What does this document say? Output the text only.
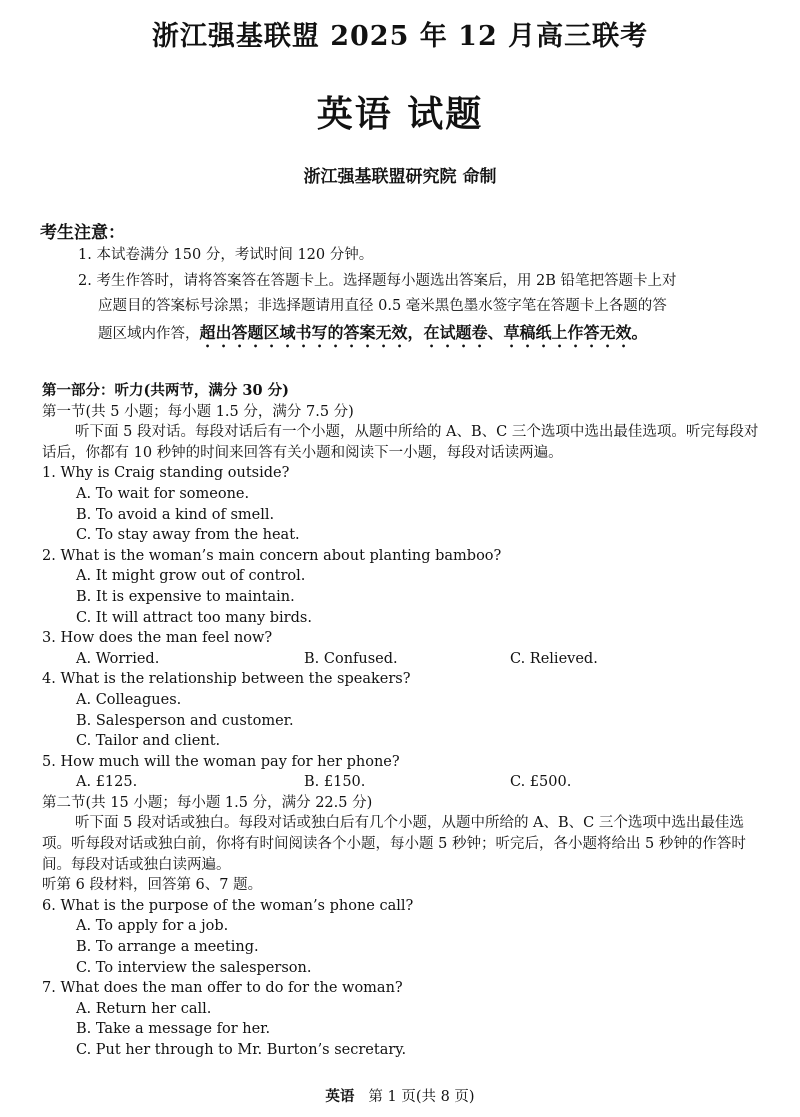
浙江强基联盟 2025 年 12 月高三联考
英语 试题
浙江强基联盟研究院 命制
考生注意：

1. 本试卷满分 150 分，考试时间 120 分钟。

2. 考生作答时，请将答案答在答题卡上。选择题每小题选出答案后，用 2B 铅笔把答题卡上对

应题目的答案标号涂黑；非选择题请用直径 0.5 毫米黑色墨水签字笔在答题卡上各题的答

题区域内作答，超出答题区域书写的答案无效，在试题卷、草稿纸上作答无效。

第一部分：听力(共两节，满分 30 分)
第一节(共 5 小题；每小题 1.5 分，满分 7.5 分)
听下面 5 段对话。每段对话后有一个小题，从题中所给的 A、B、C 三个选项中选出最佳选项。听完每段对话后，你都有 10 秒钟的时间来回答有关小题和阅读下一小题，每段对话读两遍。
1. Why is Craig standing outside?
A. To wait for someone.
B. To avoid a kind of smell.
C. To stay away from the heat.
2. What is the woman’s main concern about planting bamboo?
A. It might grow out of control.
B. It is expensive to maintain.
C. It will attract too many birds.
3. How does the man feel now?
A. Worried.	B. Confused.	C. Relieved.
4. What is the relationship between the speakers?
A. Colleagues.
B. Salesperson and customer.
C. Tailor and client.
5. How much will the woman pay for her phone?
A. £125.	B. £150.	C. £500.
第二节(共 15 小题；每小题 1.5 分，满分 22.5 分)
听下面 5 段对话或独白。每段对话或独白后有几个小题，从题中所给的 A、B、C 三个选项中选出最佳选项。听每段对话或独白前，你将有时间阅读各个小题，每小题 5 秒钟；听完后，各小题将给出 5 秒钟的作答时间。每段对话或独白读两遍。
听第 6 段材料，回答第 6、7 题。
6. What is the purpose of the woman’s phone call?
A. To apply for a job.
B. To arrange a meeting.
C. To interview the salesperson.
7. What does the man offer to do for the woman?
A. Return her call.
B. Take a message for her.
C. Put her through to Mr. Burton’s secretary.
英语 第 1 页(共 8 页)
